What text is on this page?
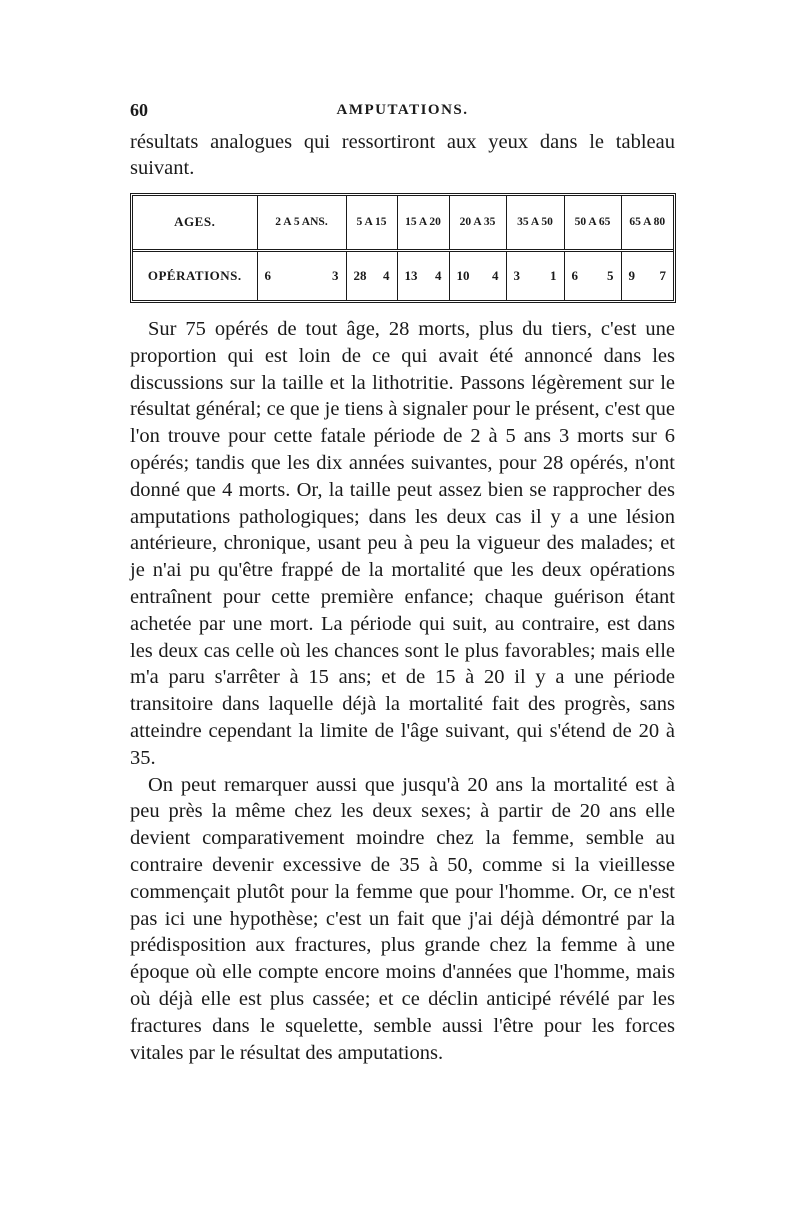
60	AMPUTATIONS.
résultats analogues qui ressortiront aux yeux dans le tableau suivant.
AGES.	2 A 5 ANS.	5 A 15	15 A 20	20 A 35	35 A 50	50 A 65	65 A 80
OPÉRATIONS.	6 3	28 4	13 4	10 4	3 1	6 5	9 7

Sur 75 opérés de tout âge, 28 morts, plus du tiers, c'est une proportion qui est loin de ce qui avait été annoncé dans les discussions sur la taille et la lithotritie. Passons légèrement sur le résultat général; ce que je tiens à signaler pour le présent, c'est que l'on trouve pour cette fatale période de 2 à 5 ans 3 morts sur 6 opérés; tandis que les dix années suivantes, pour 28 opérés, n'ont donné que 4 morts. Or, la taille peut assez bien se rapprocher des amputations pathologiques; dans les deux cas il y a une lésion antérieure, chronique, usant peu à peu la vigueur des malades; et je n'ai pu qu'être frappé de la mortalité que les deux opérations entraînent pour cette première enfance; chaque guérison étant achetée par une mort. La période qui suit, au contraire, est dans les deux cas celle où les chances sont le plus favorables; mais elle m'a paru s'arrêter à 15 ans; et de 15 à 20 il y a une période transitoire dans laquelle déjà la mortalité fait des progrès, sans atteindre cependant la limite de l'âge suivant, qui s'étend de 20 à 35.

On peut remarquer aussi que jusqu'à 20 ans la mortalité est à peu près la même chez les deux sexes; à partir de 20 ans elle devient comparativement moindre chez la femme, semble au contraire devenir excessive de 35 à 50, comme si la vieillesse commençait plutôt pour la femme que pour l'homme. Or, ce n'est pas ici une hypothèse; c'est un fait que j'ai déjà démontré par la prédisposition aux fractures, plus grande chez la femme à une époque où elle compte encore moins d'années que l'homme, mais où déjà elle est plus cassée; et ce déclin anticipé révélé par les fractures dans le squelette, semble aussi l'être pour les forces vitales par le résultat des amputations.
